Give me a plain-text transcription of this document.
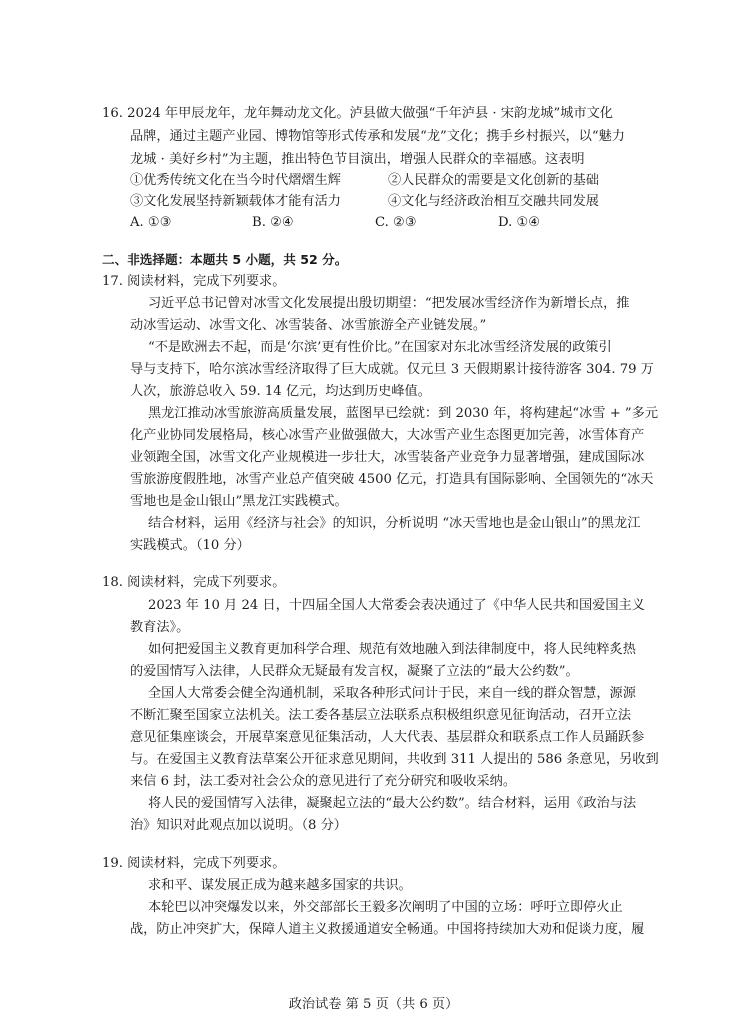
16. 2024 年甲辰龙年，龙年舞动龙文化。泸县做大做强“千年泸县 · 宋韵龙城”城市文化
品牌，通过主题产业园、博物馆等形式传承和发展“龙”文化；携手乡村振兴，以“魅力
龙城 · 美好乡村”为主题，推出特色节目演出，增强人民群众的幸福感。这表明
①优秀传统文化在当今时代熠熠生辉	②人民群众的需要是文化创新的基础
③文化发展坚持新颖载体才能有活力	④文化与经济政治相互交融共同发展
A. ①③	B. ②④	C. ②③	D. ①④
二、非选择题：本题共 5 小题，共 52 分。
17. 阅读材料，完成下列要求。
习近平总书记曾对冰雪文化发展提出殷切期望：“把发展冰雪经济作为新增长点，推
动冰雪运动、冰雪文化、冰雪装备、冰雪旅游全产业链发展。”
“不是欧洲去不起，而是‘尔滨’更有性价比。”在国家对东北冰雪经济发展的政策引
导与支持下，哈尔滨冰雪经济取得了巨大成就。仅元旦 3 天假期累计接待游客 304. 79 万
人次，旅游总收入 59. 14 亿元，均达到历史峰值。
黑龙江推动冰雪旅游高质量发展，蓝图早已绘就：到 2030 年，将构建起“冰雪 + ”多元
化产业协同发展格局，核心冰雪产业做强做大，大冰雪产业生态图更加完善，冰雪体育产
业领跑全国，冰雪文化产业规模进一步壮大，冰雪装备产业竞争力显著增强，建成国际冰
雪旅游度假胜地，冰雪产业总产值突破 4500 亿元，打造具有国际影响、全国领先的“冰天
雪地也是金山银山”黑龙江实践模式。
结合材料，运用《经济与社会》的知识，分析说明 “冰天雪地也是金山银山”的黑龙江
实践模式。（10 分）
18. 阅读材料，完成下列要求。
2023 年 10 月 24 日，十四届全国人大常委会表决通过了《中华人民共和国爱国主义
教育法》。
如何把爱国主义教育更加科学合理、规范有效地融入到法律制度中，将人民纯粹炙热
的爱国情写入法律，人民群众无疑最有发言权，凝聚了立法的“最大公约数”。
全国人大常委会健全沟通机制，采取各种形式问计于民，来自一线的群众智慧，源源
不断汇聚至国家立法机关。法工委各基层立法联系点积极组织意见征询活动，召开立法
意见征集座谈会，开展草案意见征集活动，人大代表、基层群众和联系点工作人员踊跃参
与。在爱国主义教育法草案公开征求意见期间，共收到 311 人提出的 586 条意见，另收到
来信 6 封，法工委对社会公众的意见进行了充分研究和吸收采纳。
将人民的爱国情写入法律，凝聚起立法的“最大公约数”。结合材料，运用《政治与法
治》知识对此观点加以说明。（8 分）
19. 阅读材料，完成下列要求。
求和平、谋发展正成为越来越多国家的共识。
本轮巴以冲突爆发以来，外交部部长王毅多次阐明了中国的立场：呼吁立即停火止
战，防止冲突扩大，保障人道主义救援通道安全畅通。中国将持续加大劝和促谈力度，履
政治试卷 第 5 页（共 6 页）
